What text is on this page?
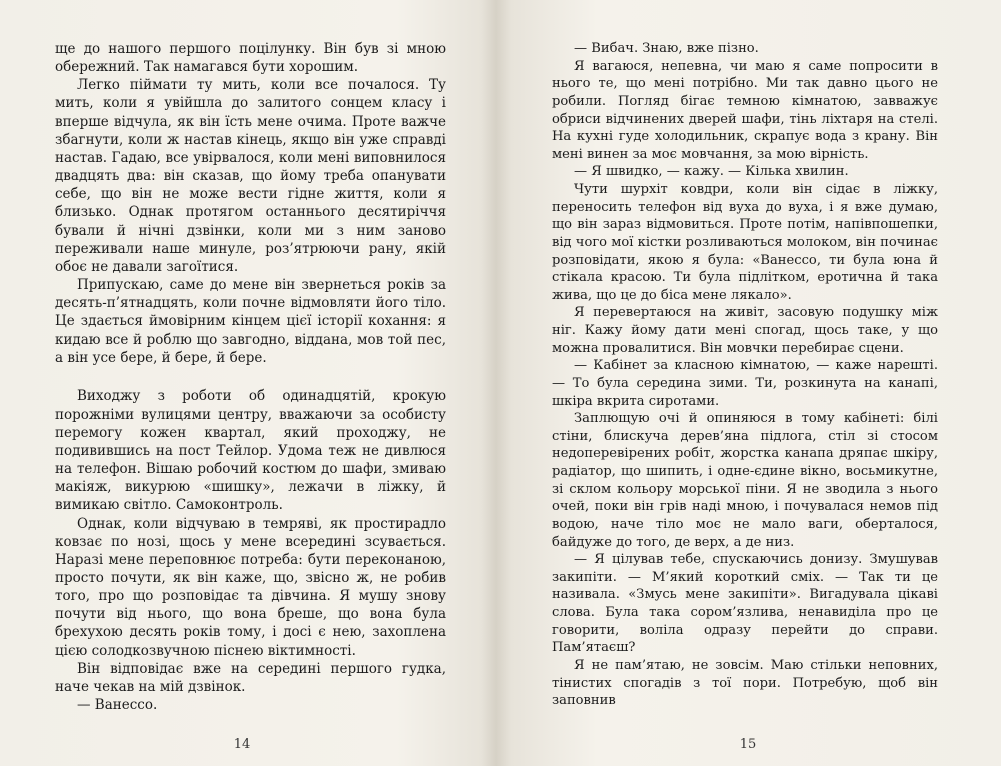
ще до нашого першого поцілунку. Він був зі мною обережний. Так намагався бути хорошим.

Легко піймати ту мить, коли все почалося. Ту мить, коли я увійшла до залитого сонцем класу і вперше відчула, як він їсть мене очима. Проте важче збагнути, коли ж настав кінець, якщо він уже справді настав. Гадаю, все увірвалося, коли мені виповнилося двадцять два: він сказав, що йому треба опанувати себе, що він не може вести гідне життя, коли я близько. Однак протягом останнього десятиріччя бували й нічні дзвінки, коли ми з ним заново переживали наше минуле, роз’ятрюючи рану, якій обоє не давали загоїтися.

Припускаю, саме до мене він звернеться років за десять-п’ятнадцять, коли почне відмовляти його тіло. Це здається ймовірним кінцем цієї історії кохання: я кидаю все й роблю що завгодно, віддана, мов той пес, а він усе бере, й бере, й бере.

Виходжу з роботи об одинадцятій, крокую порожніми вулицями центру, вважаючи за особисту перемогу кожен квартал, який проходжу, не подивившись на пост Тейлор. Удома теж не дивлюся на телефон. Вішаю робочий костюм до шафи, змиваю макіяж, викурюю «шишку», лежачи в ліжку, й вимикаю світло. Самоконтроль.

Однак, коли відчуваю в темряві, як простирадло ковзає по нозі, щось у мене всередині зсувається. Наразі мене переповнює потреба: бути переконаною, просто почути, як він каже, що, звісно ж, не робив того, про що розповідає та дівчина. Я мушу знову почути від нього, що вона бреше, що вона була брехухою десять років тому, і досі є нею, захоплена цією солодкозвучною піснею віктимності.

Він відповідає вже на середині першого гудка, наче чекав на мій дзвінок.

— Ванессо.

14

— Вибач. Знаю, вже пізно.

Я вагаюся, непевна, чи маю я саме попросити в нього те, що мені потрібно. Ми так давно цього не робили. Погляд бігає темною кімнатою, завважує обриси відчинених дверей шафи, тінь ліхтаря на стелі. На кухні гуде холодильник, скрапує вода з крану. Він мені винен за моє мовчання, за мою вірність.

— Я швидко, — кажу. — Кілька хвилин.

Чути шурхіт ковдри, коли він сідає в ліжку, переносить телефон від вуха до вуха, і я вже думаю, що він зараз відмовиться. Проте потім, напівпошепки, від чого мої кістки розливаються молоком, він починає розповідати, якою я була: «Ванессо, ти була юна й стікала красою. Ти була підлітком, еротична й така жива, що це до біса мене лякало».

Я перевертаюся на живіт, засовую подушку між ніг. Кажу йому дати мені спогад, щось таке, у що можна провалитися. Він мовчки перебирає сцени.

— Кабінет за класною кімнатою, — каже нарешті. — То була середина зими. Ти, розкинута на канапі, шкіра вкрита сиротами.

Заплющую очі й опиняюся в тому кабінеті: білі стіни, блискуча дерев’яна підлога, стіл зі стосом недоперевірених робіт, жорстка канапа дряпає шкіру, радіатор, що шипить, і одне-єдине вікно, восьмикутне, зі склом кольору морської піни. Я не зводила з нього очей, поки він грів наді мною, і почувалася немов під водою, наче тіло моє не мало ваги, оберталося, байдуже до того, де верх, а де низ.

— Я цілував тебе, спускаючись донизу. Змушував закипіти. — М’який короткий сміх. — Так ти це називала. «Змусь мене закипіти». Вигадувала цікаві слова. Була така сором’язлива, ненавиділа про це говорити, воліла одразу перейти до справи. Пам’ятаєш?

Я не пам’ятаю, не зовсім. Маю стільки неповних, тінистих спогадів з тої пори. Потребую, щоб він заповнив

15
